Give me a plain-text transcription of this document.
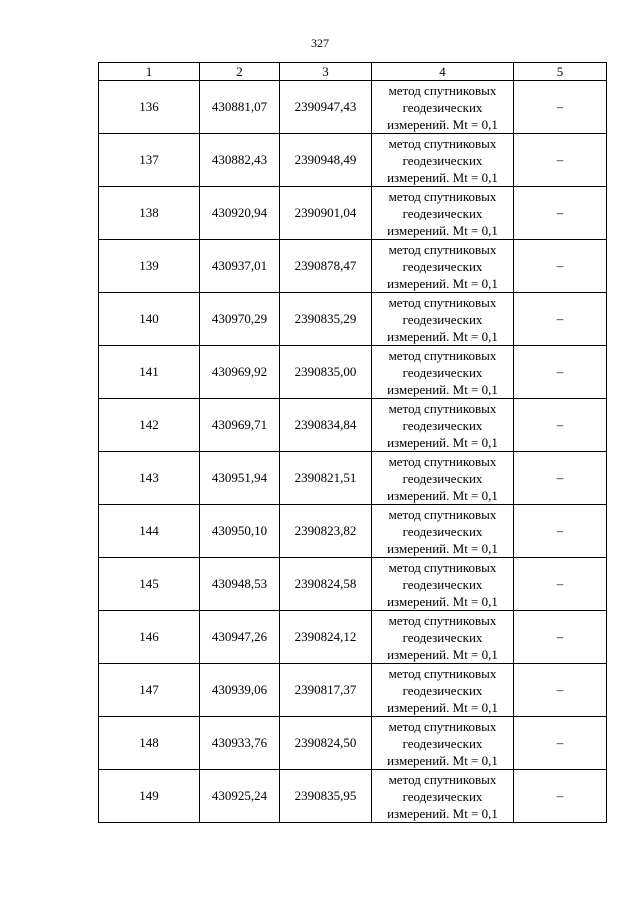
327
1	2	3	4	5
136	430881,07	2390947,43	метод спутниковых
геодезических
измерений. Mt = 0,1	–
137	430882,43	2390948,49	метод спутниковых
геодезических
измерений. Mt = 0,1	–
138	430920,94	2390901,04	метод спутниковых
геодезических
измерений. Mt = 0,1	–
139	430937,01	2390878,47	метод спутниковых
геодезических
измерений. Mt = 0,1	–
140	430970,29	2390835,29	метод спутниковых
геодезических
измерений. Mt = 0,1	–
141	430969,92	2390835,00	метод спутниковых
геодезических
измерений. Mt = 0,1	–
142	430969,71	2390834,84	метод спутниковых
геодезических
измерений. Mt = 0,1	–
143	430951,94	2390821,51	метод спутниковых
геодезических
измерений. Mt = 0,1	–
144	430950,10	2390823,82	метод спутниковых
геодезических
измерений. Mt = 0,1	–
145	430948,53	2390824,58	метод спутниковых
геодезических
измерений. Mt = 0,1	–
146	430947,26	2390824,12	метод спутниковых
геодезических
измерений. Mt = 0,1	–
147	430939,06	2390817,37	метод спутниковых
геодезических
измерений. Mt = 0,1	–
148	430933,76	2390824,50	метод спутниковых
геодезических
измерений. Mt = 0,1	–
149	430925,24	2390835,95	метод спутниковых
геодезических
измерений. Mt = 0,1	–
